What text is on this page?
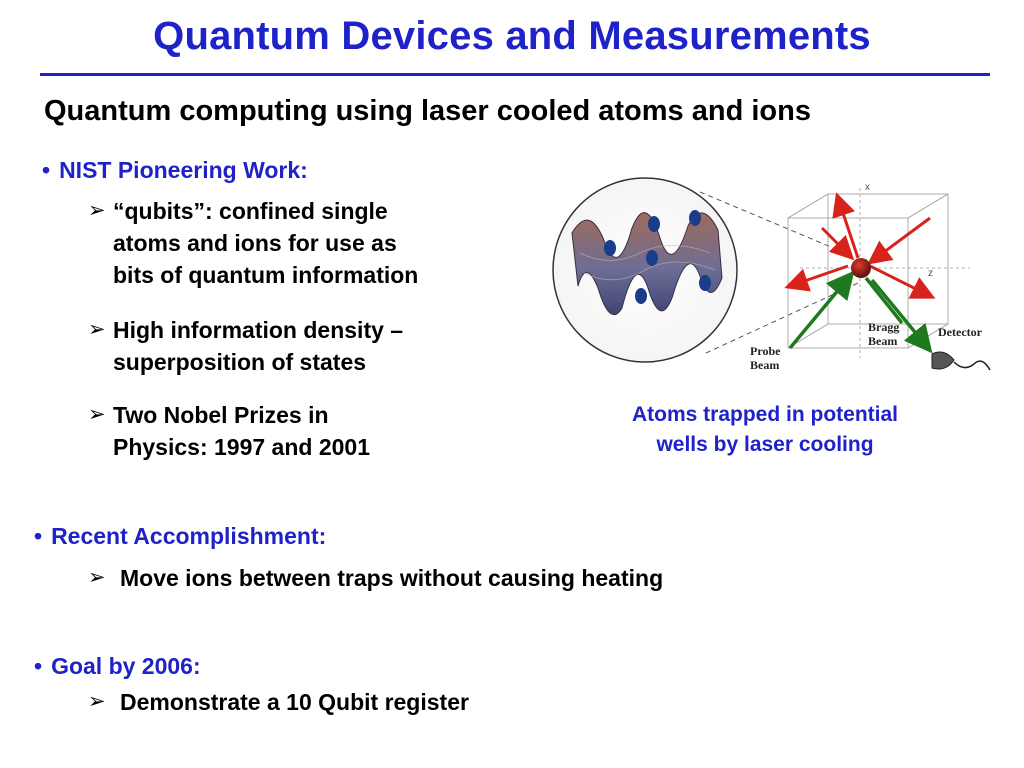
Quantum Devices and Measurements
Quantum computing using laser cooled atoms and ions
• NIST Pioneering Work:
➢ “qubits”: confined single
atoms and ions for use as
bits of quantum information
➢ High information density –
superposition of states
➢ Two Nobel Prizes in
Physics: 1997 and 2001
• Recent Accomplishment:
➢ Move ions between traps without causing heating
• Goal by 2006:
➢ Demonstrate a 10 Qubit register
x
z
Bragg
Beam
Probe
Beam
Detector
Atoms trapped in potential
wells by laser cooling
